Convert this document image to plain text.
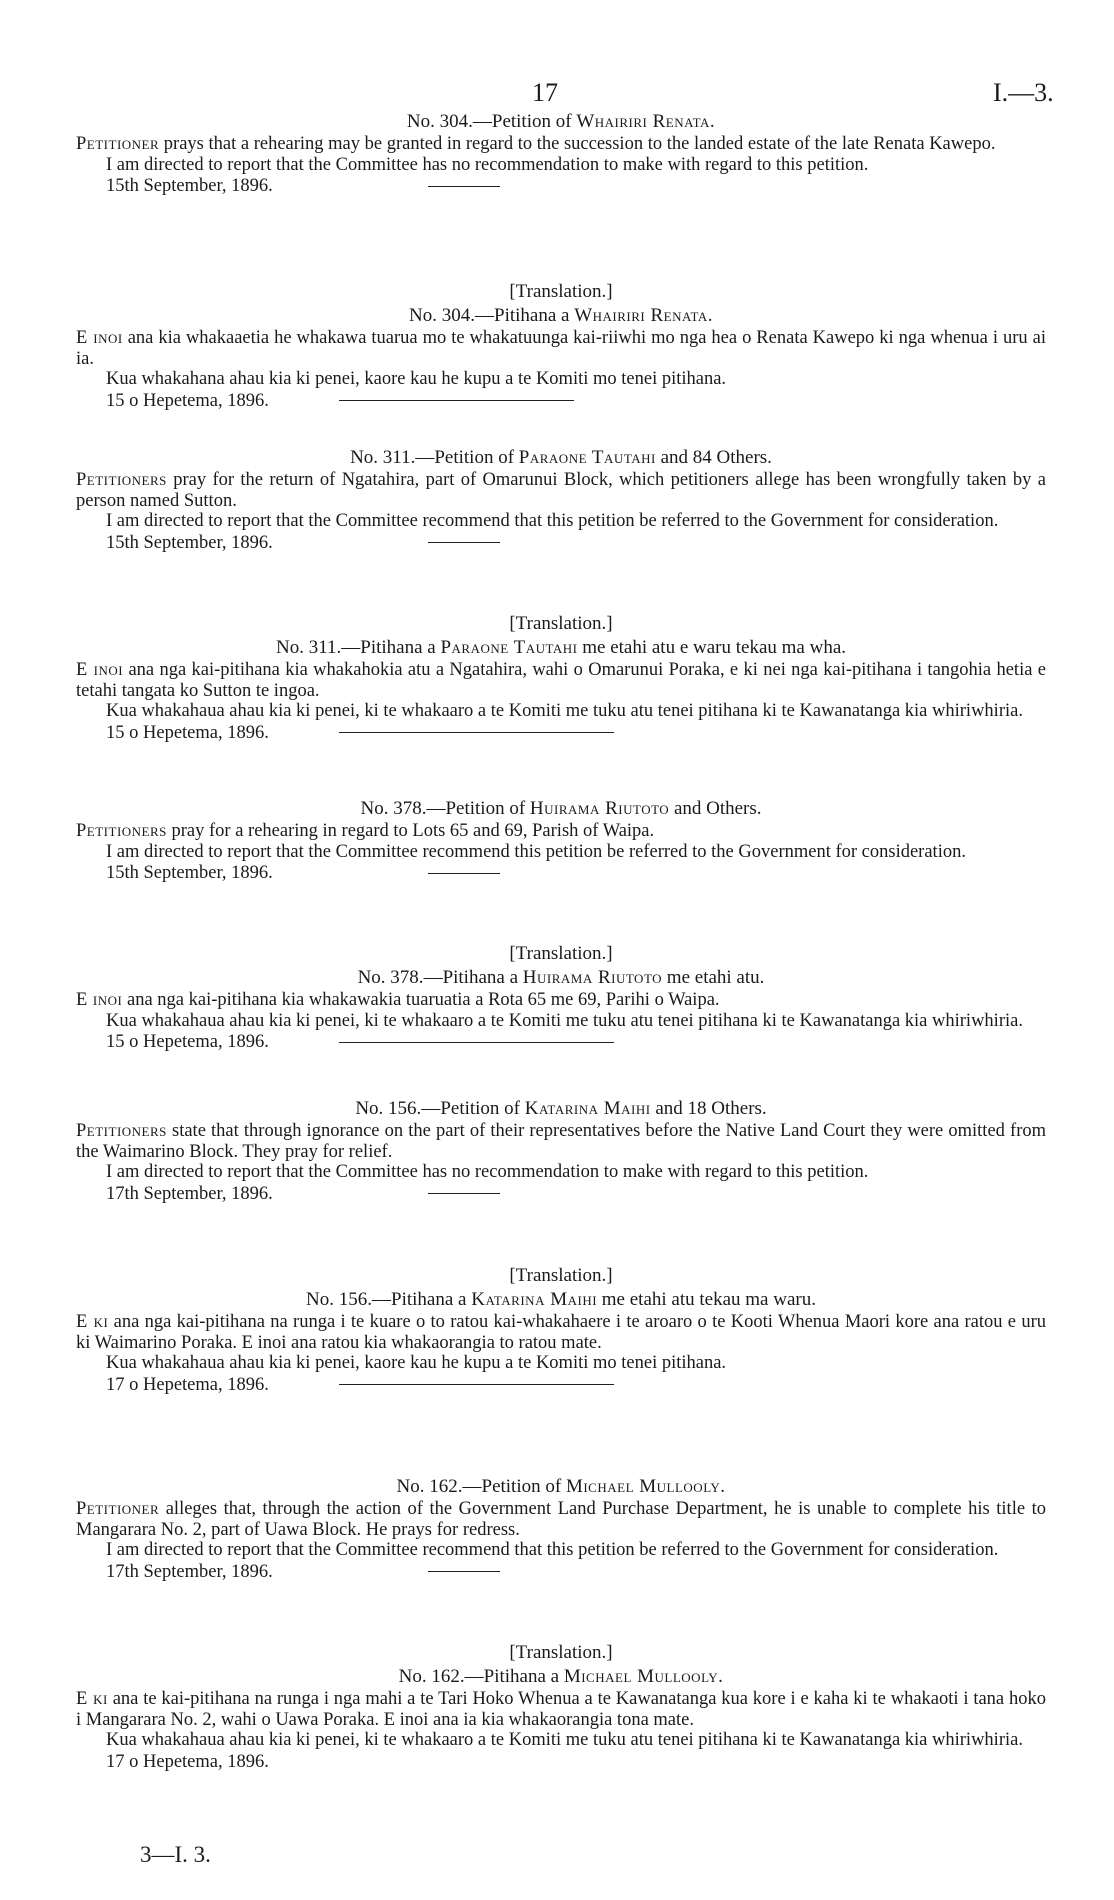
17	I.—3.

No. 304.—Petition of Whairiri Renata.

Petitioner prays that a rehearing may be granted in regard to the succession to the landed estate of the late Renata Kawepo.

I am directed to report that the Committee has no recommendation to make with regard to this petition.

15th September, 1896.

[Translation.]

No. 304.—Pitihana a Whairiri Renata.

E inoi ana kia whakaaetia he whakawa tuarua mo te whakatuunga kai-riiwhi mo nga hea o Renata Kawepo ki nga whenua i uru ai ia.

Kua whakahana ahau kia ki penei, kaore kau he kupu a te Komiti mo tenei pitihana.

15 o Hepetema, 1896.

No. 311.—Petition of Paraone Tautahi and 84 Others.

Petitioners pray for the return of Ngatahira, part of Omarunui Block, which petitioners allege has been wrongfully taken by a person named Sutton.

I am directed to report that the Committee recommend that this petition be referred to the Government for consideration.

15th September, 1896.

[Translation.]

No. 311.—Pitihana a Paraone Tautahi me etahi atu e waru tekau ma wha.

E inoi ana nga kai-pitihana kia whakahokia atu a Ngatahira, wahi o Omarunui Poraka, e ki nei nga kai-pitihana i tangohia hetia e tetahi tangata ko Sutton te ingoa.

Kua whakahaua ahau kia ki penei, ki te whakaaro a te Komiti me tuku atu tenei pitihana ki te Kawanatanga kia whiriwhiria.

15 o Hepetema, 1896.

No. 378.—Petition of Huirama Riutoto and Others.

Petitioners pray for a rehearing in regard to Lots 65 and 69, Parish of Waipa.

I am directed to report that the Committee recommend this petition be referred to the Government for consideration.

15th September, 1896.

[Translation.]

No. 378.—Pitihana a Huirama Riutoto me etahi atu.

E inoi ana nga kai-pitihana kia whakawakia tuaruatia a Rota 65 me 69, Parihi o Waipa.

Kua whakahaua ahau kia ki penei, ki te whakaaro a te Komiti me tuku atu tenei pitihana ki te Kawanatanga kia whiriwhiria.

15 o Hepetema, 1896.

No. 156.—Petition of Katarina Maihi and 18 Others.

Petitioners state that through ignorance on the part of their representatives before the Native Land Court they were omitted from the Waimarino Block. They pray for relief.

I am directed to report that the Committee has no recommendation to make with regard to this petition.

17th September, 1896.

[Translation.]

No. 156.—Pitihana a Katarina Maihi me etahi atu tekau ma waru.

E ki ana nga kai-pitihana na runga i te kuare o to ratou kai-whakahaere i te aroaro o te Kooti Whenua Maori kore ana ratou e uru ki Waimarino Poraka. E inoi ana ratou kia whakaorangia to ratou mate.

Kua whakahaua ahau kia ki penei, kaore kau he kupu a te Komiti mo tenei pitihana.

17 o Hepetema, 1896.

No. 162.—Petition of Michael Mullooly.

Petitioner alleges that, through the action of the Government Land Purchase Department, he is unable to complete his title to Mangarara No. 2, part of Uawa Block. He prays for redress.

I am directed to report that the Committee recommend that this petition be referred to the Government for consideration.

17th September, 1896.

[Translation.]

No. 162.—Pitihana a Michael Mullooly.

E ki ana te kai-pitihana na runga i nga mahi a te Tari Hoko Whenua a te Kawanatanga kua kore i e kaha ki te whakaoti i tana hoko i Mangarara No. 2, wahi o Uawa Poraka. E inoi ana ia kia whakaorangia tona mate.

Kua whakahaua ahau kia ki penei, ki te whakaaro a te Komiti me tuku atu tenei pitihana ki te Kawanatanga kia whiriwhiria.

17 o Hepetema, 1896.

3—I. 3.
